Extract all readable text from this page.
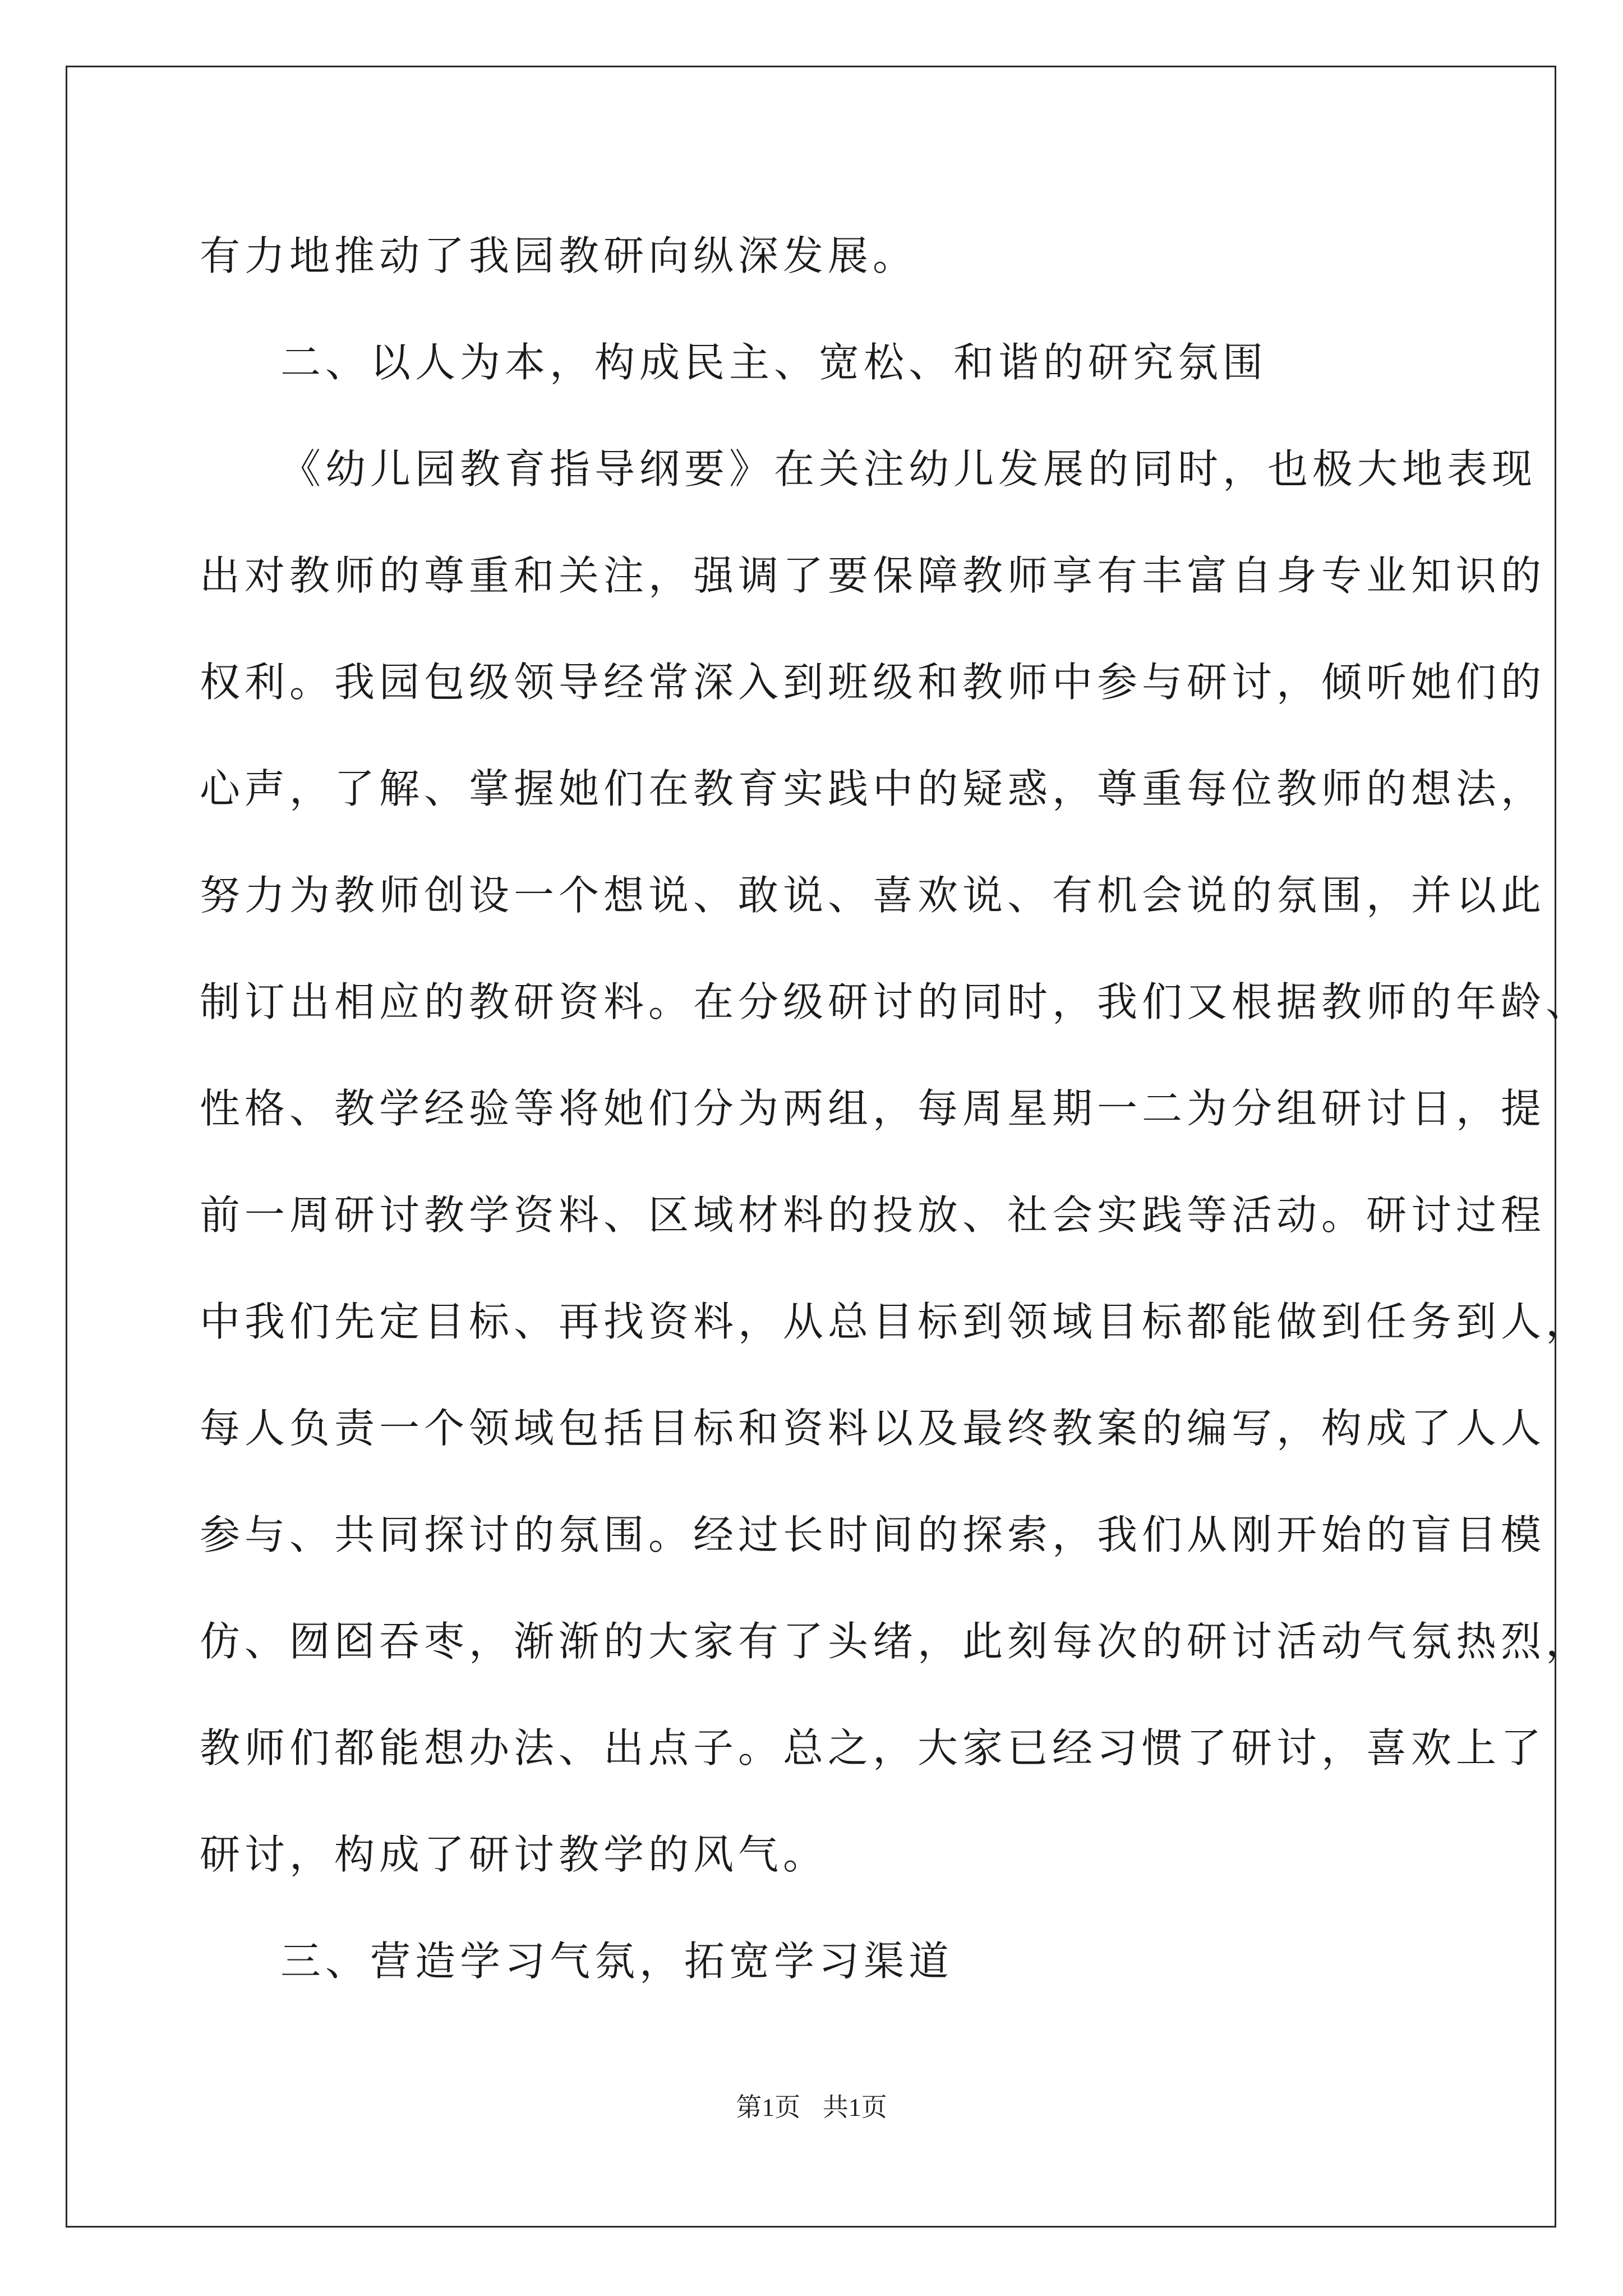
有力地推动了我园教研向纵深发展。
二、以人为本，构成民主、宽松、和谐的研究氛围
《幼儿园教育指导纲要》在关注幼儿发展的同时，也极大地表现
出对教师的尊重和关注，强调了要保障教师享有丰富自身专业知识的
权利。我园包级领导经常深入到班级和教师中参与研讨，倾听她们的
心声，了解、掌握她们在教育实践中的疑惑，尊重每位教师的想法，
努力为教师创设一个想说、敢说、喜欢说、有机会说的氛围，并以此
制订出相应的教研资料。在分级研讨的同时，我们又根据教师的年龄、
性格、教学经验等将她们分为两组，每周星期一二为分组研讨日，提
前一周研讨教学资料、区域材料的投放、社会实践等活动。研讨过程
中我们先定目标、再找资料，从总目标到领域目标都能做到任务到人，
每人负责一个领域包括目标和资料以及最终教案的编写，构成了人人
参与、共同探讨的氛围。经过长时间的探索，我们从刚开始的盲目模
仿、囫囵吞枣，渐渐的大家有了头绪，此刻每次的研讨活动气氛热烈，
教师们都能想办法、出点子。总之，大家已经习惯了研讨，喜欢上了
研讨，构成了研讨教学的风气。
三、营造学习气氛，拓宽学习渠道
第1页 共1页
